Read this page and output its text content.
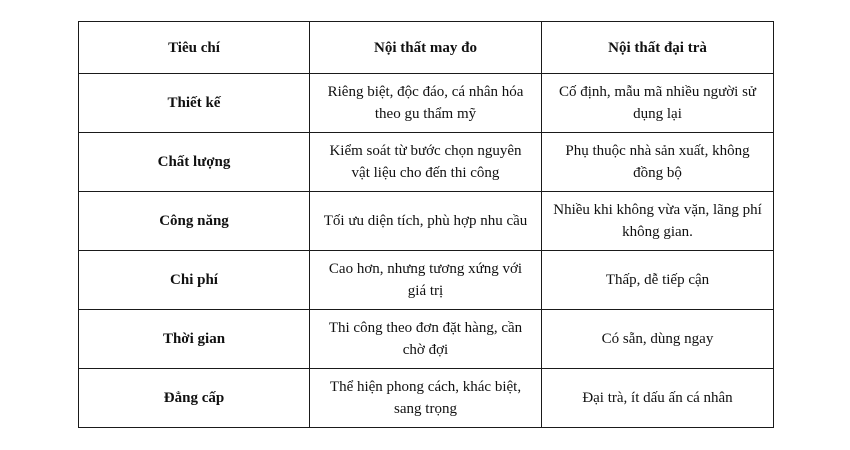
Tiêu chí	Nội thất may đo	Nội thất đại trà
Thiết kế	Riêng biệt, độc đáo, cá nhân hóa theo gu thẩm mỹ	Cố định, mẫu mã nhiều người sử dụng lại
Chất lượng	Kiểm soát từ bước chọn nguyên vật liệu cho đến thi công	Phụ thuộc nhà sản xuất, không đồng bộ
Công năng	Tối ưu diện tích, phù hợp nhu cầu	Nhiều khi không vừa vặn, lãng phí không gian.
Chi phí	Cao hơn, nhưng tương xứng với giá trị	Thấp, dễ tiếp cận
Thời gian	Thi công theo đơn đặt hàng, cần chờ đợi	Có sẵn, dùng ngay
Đẳng cấp	Thể hiện phong cách, khác biệt, sang trọng	Đại trà, ít dấu ấn cá nhân
